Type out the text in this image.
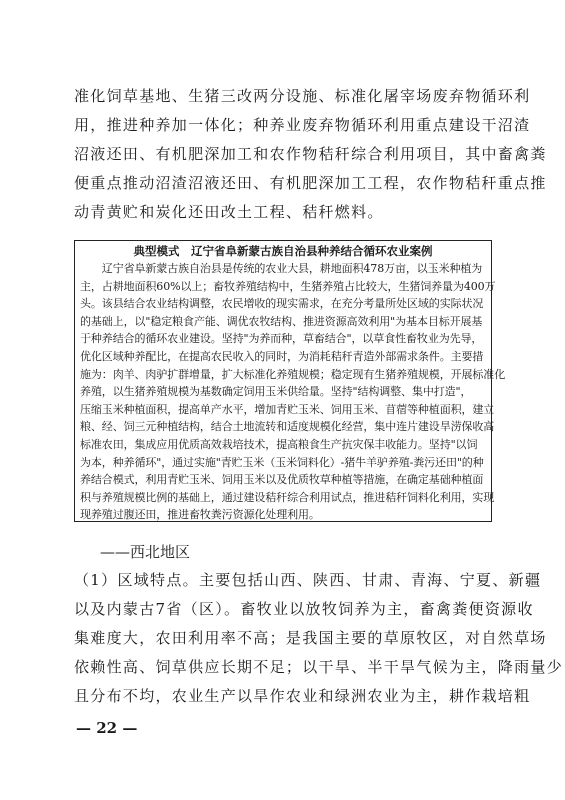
准化饲草基地、生猪三改两分设施、标准化屠宰场废弃物循环利
用，推进种养加一体化；种养业废弃物循环利用重点建设干沼渣
沼液还田、有机肥深加工和农作物秸秆综合利用项目，其中畜禽粪
便重点推动沼渣沼液还田、有机肥深加工工程，农作物秸秆重点推
动青黄贮和炭化还田改土工程、秸秆燃料。
典型模式　辽宁省阜新蒙古族自治县种养结合循环农业案例
　　辽宁省阜新蒙古族自治县是传统的农业大县，耕地面积478万亩，以玉米种植为
主，占耕地面积60%以上；畜牧养殖结构中，生猪养殖占比较大，生猪饲养量为400万
头。该县结合农业结构调整，农民增收的现实需求，在充分考量所处区域的实际状况
的基础上，以"稳定粮食产能、调优农牧结构、推进资源高效利用"为基本目标开展基
于种养结合的循环农业建设。坚持"为养而种，草畜结合"，以草食性畜牧业为先导，
优化区域种养配比，在提高农民收入的同时，为消耗秸秆青造外部需求条件。主要措
施为：肉羊、肉驴扩群增量，扩大标准化养殖规模；稳定现有生猪养殖规模，开展标准化
养殖，以生猪养殖规模为基数确定饲用玉米供给量。坚持"结构调整、集中打造"，
压缩玉米种植面积，提高单产水平，增加青贮玉米、饲用玉米、苜蓿等种植面积，建立
粮、经、饲三元种植结构，结合土地流转和适度规模化经营，集中连片建设旱涝保收高
标准农田，集成应用优质高效栽培技术，提高粮食生产抗灾保丰收能力。坚持"以饲
为本，种养循环"，通过实施"青贮玉米（玉米饲料化）-猪牛羊驴养殖-粪污还田"的种
养结合模式，利用青贮玉米、饲用玉米以及优质牧草种植等措施，在确定基础种植面
积与养殖规模比例的基础上，通过建设秸秆综合利用试点，推进秸秆饲料化利用，实现
现养殖过腹还田，推进畜牧粪污资源化处理利用。
——西北地区
（1）区域特点。主要包括山西、陕西、甘肃、青海、宁夏、新疆
以及内蒙古7省（区）。畜牧业以放牧饲养为主，畜禽粪便资源收
集难度大，农田利用率不高；是我国主要的草原牧区，对自然草场
依赖性高、饲草供应长期不足；以干旱、半干旱气候为主，降雨量少
且分布不均，农业生产以旱作农业和绿洲农业为主，耕作栽培粗
— 22 —
